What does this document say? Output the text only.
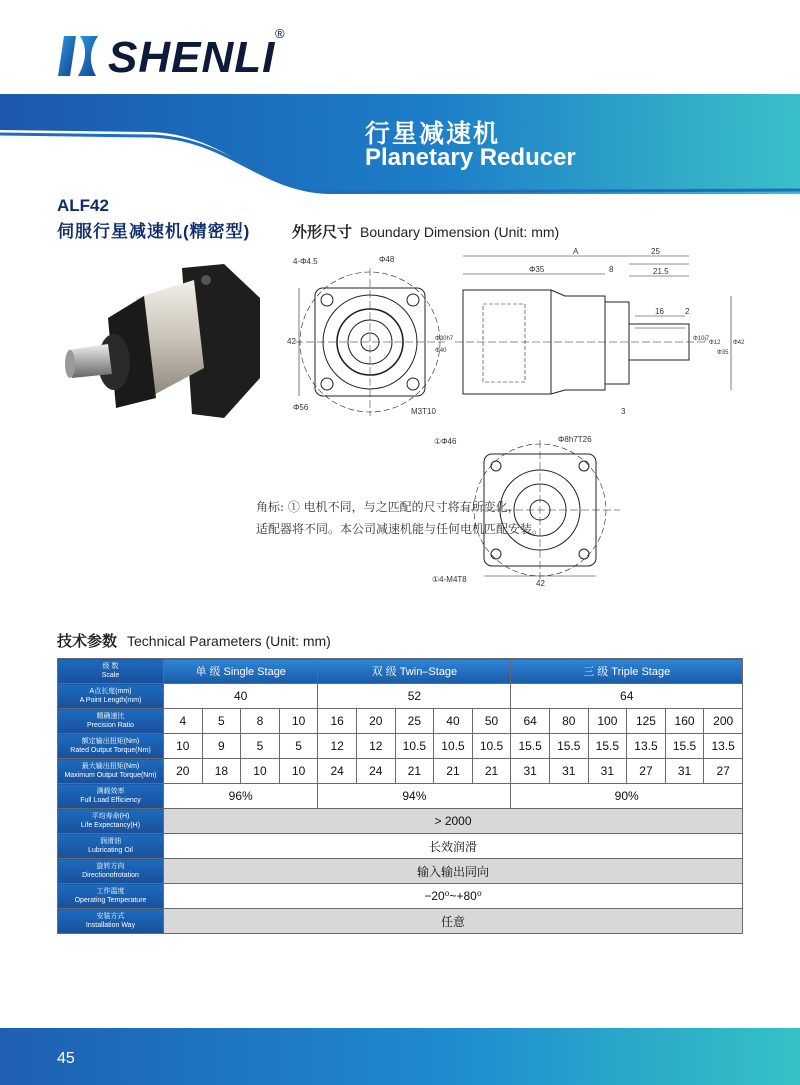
SHENLI ®
行星减速机
Planetary Reducer
ALF42
伺服行星减速机(精密型)	外形尺寸 Boundary Dimension (Unit: mm)
A	25
Φ35	8	21.5
16	2
3
4-Φ4.5	Φ48
42
Φ56	M3T10
Φ30h7
Φ40
Φ10j7
Φ12
Φ35
Φ42
①Φ46	Φ8h7T26
①4-M4T8	42
角标: ① 电机不同，与之匹配的尺寸将有所变化，
适配器将不同。本公司减速机能与任何电机匹配安装。
技术参数 Technical Parameters (Unit: mm)
级 数
Scale	单 级 Single Stage				双 级 Twin–Stage					三 级 Triple Stage					

A点长度(mm)
A Point Length(mm)	40				52					64					

精确速比
Precision Ratio	4	5	8	10	16	20	25	40	50	64	80	100	125	160	200

额定输出扭矩(Nm)
Rated Output Torque(Nm)	10	9	5	5	12	12	10.5	10.5	10.5	15.5	15.5	15.5	13.5	15.5	13.5

最大输出扭矩(Nm)
Maximum Output Torque(Nm)	20	18	10	10	24	24	21	21	21	31	31	31	27	31	27

满载效率
Full Load Efficiency	96%				94%					90%					

平均寿命(H)
Life Expectancy(H)	> 2000														

润滑油
Lubricating Oil	长效润滑														

旋转方向
Directionofrotation	输入输出同向														

工作温度
Operating Temperature	−20⁰~+80⁰														

安装方式
Installation Way	任意														
45
